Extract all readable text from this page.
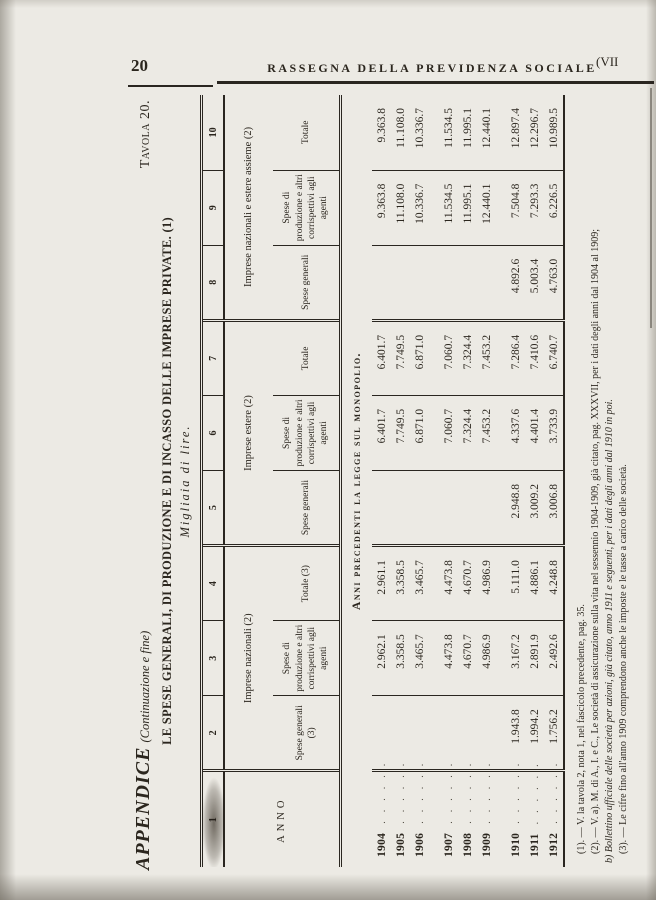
20	RASSEGNA DELLA PREVIDENZA SOCIALE (VII
APPENDICE (Continuazione e fine)
Tavola 20.
LE SPESE GENERALI, DI PRODUZIONE E DI INCASSO DELLE IMPRESE PRIVATE. (1) Migliaia di lire.
1	2	3	4	5	6	7	8	9	10
ANNO	Imprese nazionali (2)			Imprese estere (2)			Imprese nazionali e estere assieme (2)		
	Spese generali (3)	Spese di produzione e altri corrispettivi agli agenti	Totale (3)	Spese generali	Spese di produzione e altri corrispettivi agli agenti	Totale	Spese generali	Spese di produzione e altri corrispettivi agli agenti	Totale
Anni precedenti la legge sul monopolio.									
1904. . . . . .		2.962.1	2.961.1		6.401.7	6.401.7		9.363.8	9.363.8
1905. . . . . .		3.358.5	3.358.5		7.749.5	7.749.5		11.108.0	11.108.0
1906. . . . . .		3.465.7	3.465.7		6.871.0	6.871.0		10.336.7	10.336.7

1907. . . . . .		4.473.8	4.473.8		7.060.7	7.060.7		11.534.5	11.534.5
1908. . . . . .		4.670.7	4.670.7		7.324.4	7.324.4		11.995.1	11.995.1
1909. . . . . .		4.986.9	4.986.9		7.453.2	7.453.2		12.440.1	12.440.1

1910. . . . . .	1.943.8	3.167.2	5.111.0	2.948.8	4.337.6	7.286.4	4.892.6	7.504.8	12.897.4
1911. . . . . .	1.994.2	2.891.9	4.886.1	3.009.2	4.401.4	7.410.6	5.003.4	7.293.3	12.296.7
1912. . . . . .	1.756.2	2.492.6	4.248.8	3.006.8	3.733.9	6.740.7	4.763.0	6.226.5	10.989.5

(1). — V. la tavola 2, nota 1, nel fascicolo precedente, pag. 35. (2). — V. a). M. di A., I. e C., Le società di assicurazione sulla vita nel sessennio 1904-1909, già citato, pag. XXXVII, per i dati degli anni dal 1904 al 1909; b) Bollettino ufficiale delle società per azioni, già citato, anno 1911 e seguenti, per i dati degli anni dal 1910 in poi. (3). — Le cifre fino all'anno 1909 comprendono anche le imposte e le tasse a carico delle società.
